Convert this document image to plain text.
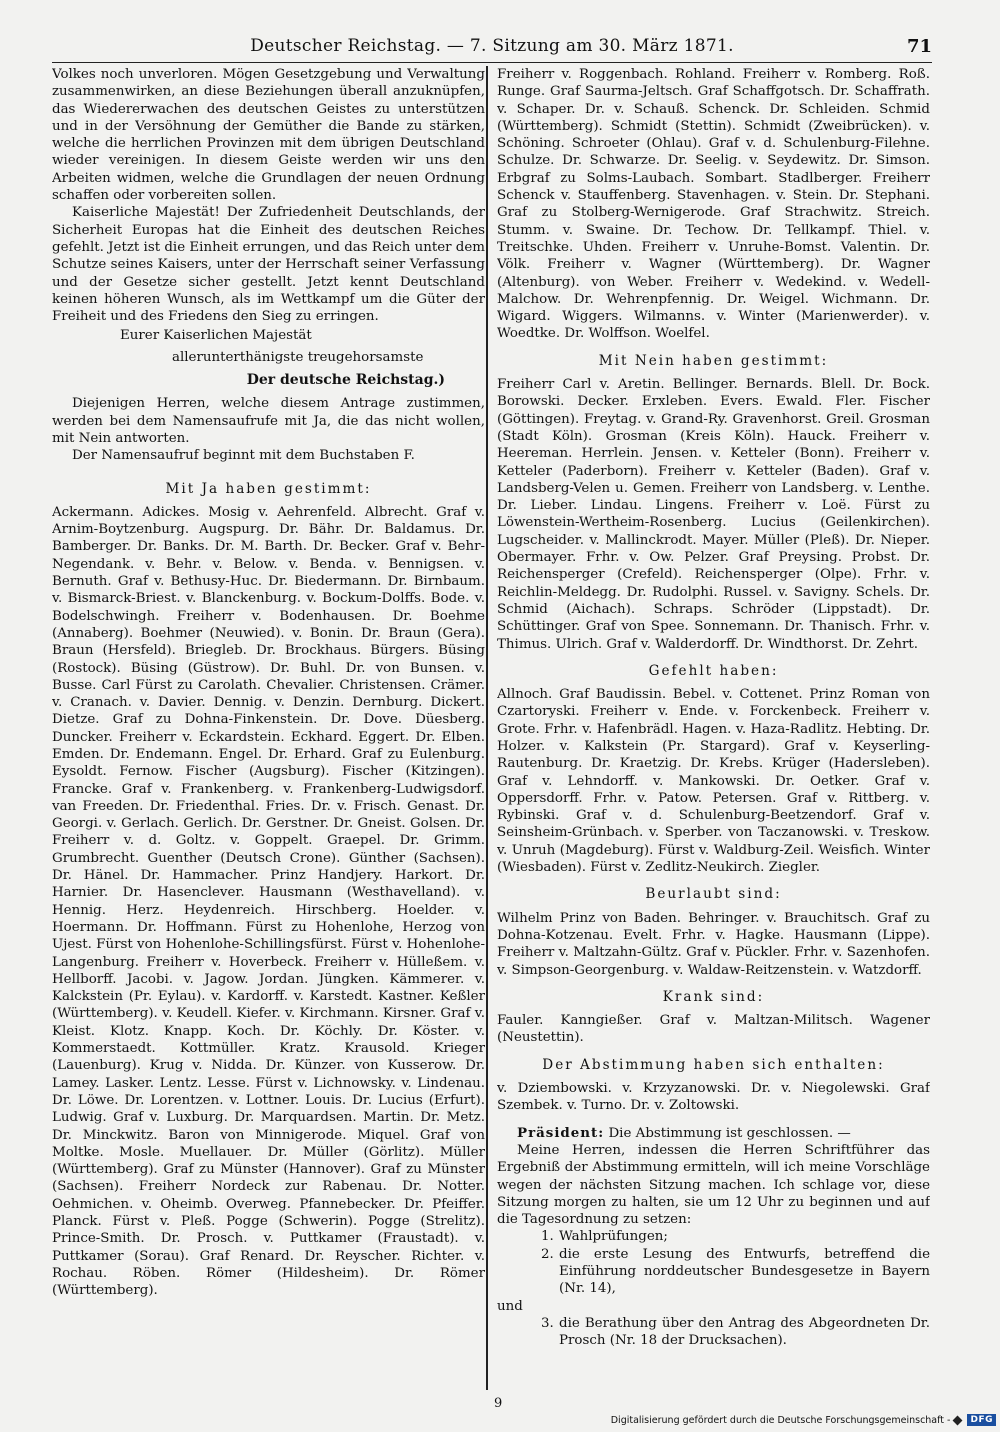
Deutscher Reichstag. — 7. Sitzung am 30. März 1871.	71

Volkes noch unverloren. Mögen Gesetzgebung und Verwaltung zusammenwirken, an diese Beziehungen überall anzuknüpfen, das Wiedererwachen des deutschen Geistes zu unterstützen und in der Versöhnung der Gemüther die Bande zu stärken, welche die herrlichen Provinzen mit dem übrigen Deutschland wieder vereinigen. In diesem Geiste werden wir uns den Arbeiten widmen, welche die Grundlagen der neuen Ordnung schaffen oder vorbereiten sollen.

Kaiserliche Majestät! Der Zufriedenheit Deutschlands, der Sicherheit Europas hat die Einheit des deutschen Reiches gefehlt. Jetzt ist die Einheit errungen, und das Reich unter dem Schutze seines Kaisers, unter der Herrschaft seiner Verfassung und der Gesetze sicher gestellt. Jetzt kennt Deutschland keinen höheren Wunsch, als im Wettkampf um die Güter der Freiheit und des Friedens den Sieg zu erringen.

Eurer Kaiserlichen Majestät

allerunterthänigste treugehorsamste

Der deutsche Reichstag.)

Diejenigen Herren, welche diesem Antrage zustimmen, werden bei dem Namensaufrufe mit Ja, die das nicht wollen, mit Nein antworten.

Der Namensaufruf beginnt mit dem Buchstaben F.

Mit Ja haben gestimmt:

Ackermann. Adickes. Mosig v. Aehrenfeld. Albrecht. Graf v. Arnim-Boytzenburg. Augspurg. Dr. Bähr. Dr. Baldamus. Dr. Bamberger. Dr. Banks. Dr. M. Barth. Dr. Becker. Graf v. Behr-Negendank. v. Behr. v. Below. v. Benda. v. Bennigsen. v. Bernuth. Graf v. Bethusy-Huc. Dr. Biedermann. Dr. Birnbaum. v. Bismarck-Briest. v. Blanckenburg. v. Bockum-Dolffs. Bode. v. Bodelschwingh. Freiherr v. Bodenhausen. Dr. Boehme (Annaberg). Boehmer (Neuwied). v. Bonin. Dr. Braun (Gera). Braun (Hersfeld). Briegleb. Dr. Brockhaus. Bürgers. Büsing (Rostock). Büsing (Güstrow). Dr. Buhl. Dr. von Bunsen. v. Busse. Carl Fürst zu Carolath. Chevalier. Christensen. Crämer. v. Cranach. v. Davier. Dennig. v. Denzin. Dernburg. Dickert. Dietze. Graf zu Dohna-Finkenstein. Dr. Dove. Düesberg. Duncker. Freiherr v. Eckardstein. Eckhard. Eggert. Dr. Elben. Emden. Dr. Endemann. Engel. Dr. Erhard. Graf zu Eulenburg. Eysoldt. Fernow. Fischer (Augsburg). Fischer (Kitzingen). Francke. Graf v. Frankenberg. v. Frankenberg-Ludwigsdorf. van Freeden. Dr. Friedenthal. Fries. Dr. v. Frisch. Genast. Dr. Georgi. v. Gerlach. Gerlich. Dr. Gerstner. Dr. Gneist. Golsen. Dr. Freiherr v. d. Goltz. v. Goppelt. Graepel. Dr. Grimm. Grumbrecht. Guenther (Deutsch Crone). Günther (Sachsen). Dr. Hänel. Dr. Hammacher. Prinz Handjery. Harkort. Dr. Harnier. Dr. Hasenclever. Hausmann (Westhavelland). v. Hennig. Herz. Heydenreich. Hirschberg. Hoelder. v. Hoermann. Dr. Hoffmann. Fürst zu Hohenlohe, Herzog von Ujest. Fürst von Hohenlohe-Schillingsfürst. Fürst v. Hohenlohe-Langenburg. Freiherr v. Hoverbeck. Freiherr v. Hülleßem. v. Hellborff. Jacobi. v. Jagow. Jordan. Jüngken. Kämmerer. v. Kalckstein (Pr. Eylau). v. Kardorff. v. Karstedt. Kastner. Keßler (Württemberg). v. Keudell. Kiefer. v. Kirchmann. Kirsner. Graf v. Kleist. Klotz. Knapp. Koch. Dr. Köchly. Dr. Köster. v. Kommerstaedt. Kottmüller. Kratz. Krausold. Krieger (Lauenburg). Krug v. Nidda. Dr. Künzer. von Kusserow. Dr. Lamey. Lasker. Lentz. Lesse. Fürst v. Lichnowsky. v. Lindenau. Dr. Löwe. Dr. Lorentzen. v. Lottner. Louis. Dr. Lucius (Erfurt). Ludwig. Graf v. Luxburg. Dr. Marquardsen. Martin. Dr. Metz. Dr. Minckwitz. Baron von Minnigerode. Miquel. Graf von Moltke. Mosle. Muellauer. Dr. Müller (Görlitz). Müller (Württemberg). Graf zu Münster (Hannover). Graf zu Münster (Sachsen). Freiherr Nordeck zur Rabenau. Dr. Notter. Oehmichen. v. Oheimb. Overweg. Pfannebecker. Dr. Pfeiffer. Planck. Fürst v. Pleß. Pogge (Schwerin). Pogge (Strelitz). Prince-Smith. Dr. Prosch. v. Puttkamer (Fraustadt). v. Puttkamer (Sorau). Graf Renard. Dr. Reyscher. Richter. v. Rochau. Röben. Römer (Hildesheim). Dr. Römer (Württemberg).

Freiherr v. Roggenbach. Rohland. Freiherr v. Romberg. Roß. Runge. Graf Saurma-Jeltsch. Graf Schaffgotsch. Dr. Schaffrath. v. Schaper. Dr. v. Schauß. Schenck. Dr. Schleiden. Schmid (Württemberg). Schmidt (Stettin). Schmidt (Zweibrücken). v. Schöning. Schroeter (Ohlau). Graf v. d. Schulenburg-Filehne. Schulze. Dr. Schwarze. Dr. Seelig. v. Seydewitz. Dr. Simson. Erbgraf zu Solms-Laubach. Sombart. Stadlberger. Freiherr Schenck v. Stauffenberg. Stavenhagen. v. Stein. Dr. Stephani. Graf zu Stolberg-Wernigerode. Graf Strachwitz. Streich. Stumm. v. Swaine. Dr. Techow. Dr. Tellkampf. Thiel. v. Treitschke. Uhden. Freiherr v. Unruhe-Bomst. Valentin. Dr. Völk. Freiherr v. Wagner (Württemberg). Dr. Wagner (Altenburg). von Weber. Freiherr v. Wedekind. v. Wedell-Malchow. Dr. Wehrenpfennig. Dr. Weigel. Wichmann. Dr. Wigard. Wiggers. Wilmanns. v. Winter (Marienwerder). v. Woedtke. Dr. Wolffson. Woelfel.

Mit Nein haben gestimmt:

Freiherr Carl v. Aretin. Bellinger. Bernards. Blell. Dr. Bock. Borowski. Decker. Erxleben. Evers. Ewald. Fler. Fischer (Göttingen). Freytag. v. Grand-Ry. Gravenhorst. Greil. Grosman (Stadt Köln). Grosman (Kreis Köln). Hauck. Freiherr v. Heereman. Herrlein. Jensen. v. Ketteler (Bonn). Freiherr v. Ketteler (Paderborn). Freiherr v. Ketteler (Baden). Graf v. Landsberg-Velen u. Gemen. Freiherr von Landsberg. v. Lenthe. Dr. Lieber. Lindau. Lingens. Freiherr v. Loë. Fürst zu Löwenstein-Wertheim-Rosenberg. Lucius (Geilenkirchen). Lugscheider. v. Mallinckrodt. Mayer. Müller (Pleß). Dr. Nieper. Obermayer. Frhr. v. Ow. Pelzer. Graf Preysing. Probst. Dr. Reichensperger (Crefeld). Reichensperger (Olpe). Frhr. v. Reichlin-Meldegg. Dr. Rudolphi. Russel. v. Savigny. Schels. Dr. Schmid (Aichach). Schraps. Schröder (Lippstadt). Dr. Schüttinger. Graf von Spee. Sonnemann. Dr. Thanisch. Frhr. v. Thimus. Ulrich. Graf v. Walderdorff. Dr. Windthorst. Dr. Zehrt.

Gefehlt haben:

Allnoch. Graf Baudissin. Bebel. v. Cottenet. Prinz Roman von Czartoryski. Freiherr v. Ende. v. Forckenbeck. Freiherr v. Grote. Frhr. v. Hafenbrädl. Hagen. v. Haza-Radlitz. Hebting. Dr. Holzer. v. Kalkstein (Pr. Stargard). Graf v. Keyserling-Rautenburg. Dr. Kraetzig. Dr. Krebs. Krüger (Hadersleben). Graf v. Lehndorff. v. Mankowski. Dr. Oetker. Graf v. Oppersdorff. Frhr. v. Patow. Petersen. Graf v. Rittberg. v. Rybinski. Graf v. d. Schulenburg-Beetzendorf. Graf v. Seinsheim-Grünbach. v. Sperber. von Taczanowski. v. Treskow. v. Unruh (Magdeburg). Fürst v. Waldburg-Zeil. Weisfich. Winter (Wiesbaden). Fürst v. Zedlitz-Neukirch. Ziegler.

Beurlaubt sind:

Wilhelm Prinz von Baden. Behringer. v. Brauchitsch. Graf zu Dohna-Kotzenau. Evelt. Frhr. v. Hagke. Hausmann (Lippe). Freiherr v. Maltzahn-Gültz. Graf v. Pückler. Frhr. v. Sazenhofen. v. Simpson-Georgenburg. v. Waldaw-Reitzenstein. v. Watzdorff.

Krank sind:

Fauler. Kanngießer. Graf v. Maltzan-Militsch. Wagener (Neustettin).

Der Abstimmung haben sich enthalten:

v. Dziembowski. v. Krzyzanowski. Dr. v. Niegolewski. Graf Szembek. v. Turno. Dr. v. Zoltowski.

Präsident: Die Abstimmung ist geschlossen. —

Meine Herren, indessen die Herren Schriftführer das Ergebniß der Abstimmung ermitteln, will ich meine Vorschläge wegen der nächsten Sitzung machen. Ich schlage vor, diese Sitzung morgen zu halten, sie um 12 Uhr zu beginnen und auf die Tagesordnung zu setzen:

1. Wahlprüfungen;
2. die erste Lesung des Entwurfs, betreffend die Einführung norddeutscher Bundesgesetze in Bayern (Nr. 14),

und

3. die Berathung über den Antrag des Abgeordneten Dr. Prosch (Nr. 18 der Drucksachen).
9
Digitalisierung gefördert durch die Deutsche Forschungsgemeinschaft -	DFG
